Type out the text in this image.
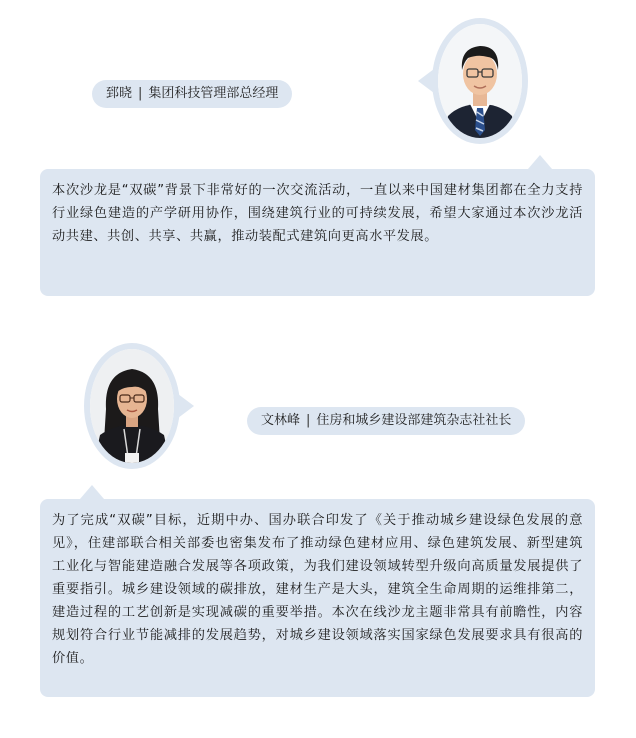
郅晓 | 集团科技管理部总经理
本次沙龙是“双碳”背景下非常好的一次交流活动，一直以来中国建材集团都在全力支持行业绿色建造的产学研用协作，围绕建筑行业的可持续发展，希望大家通过本次沙龙活动共建、共创、共享、共赢，推动装配式建筑向更高水平发展。
文林峰 | 住房和城乡建设部建筑杂志社社长
为了完成“双碳”目标，近期中办、国办联合印发了《关于推动城乡建设绿色发展的意见》，住建部联合相关部委也密集发布了推动绿色建材应用、绿色建筑发展、新型建筑工业化与智能建造融合发展等各项政策，为我们建设领域转型升级向高质量发展提供了重要指引。城乡建设领域的碳排放，建材生产是大头，建筑全生命周期的运维排第二，建造过程的工艺创新是实现减碳的重要举措。本次在线沙龙主题非常具有前瞻性，内容规划符合行业节能减排的发展趋势，对城乡建设领域落实国家绿色发展要求具有很高的价值。
